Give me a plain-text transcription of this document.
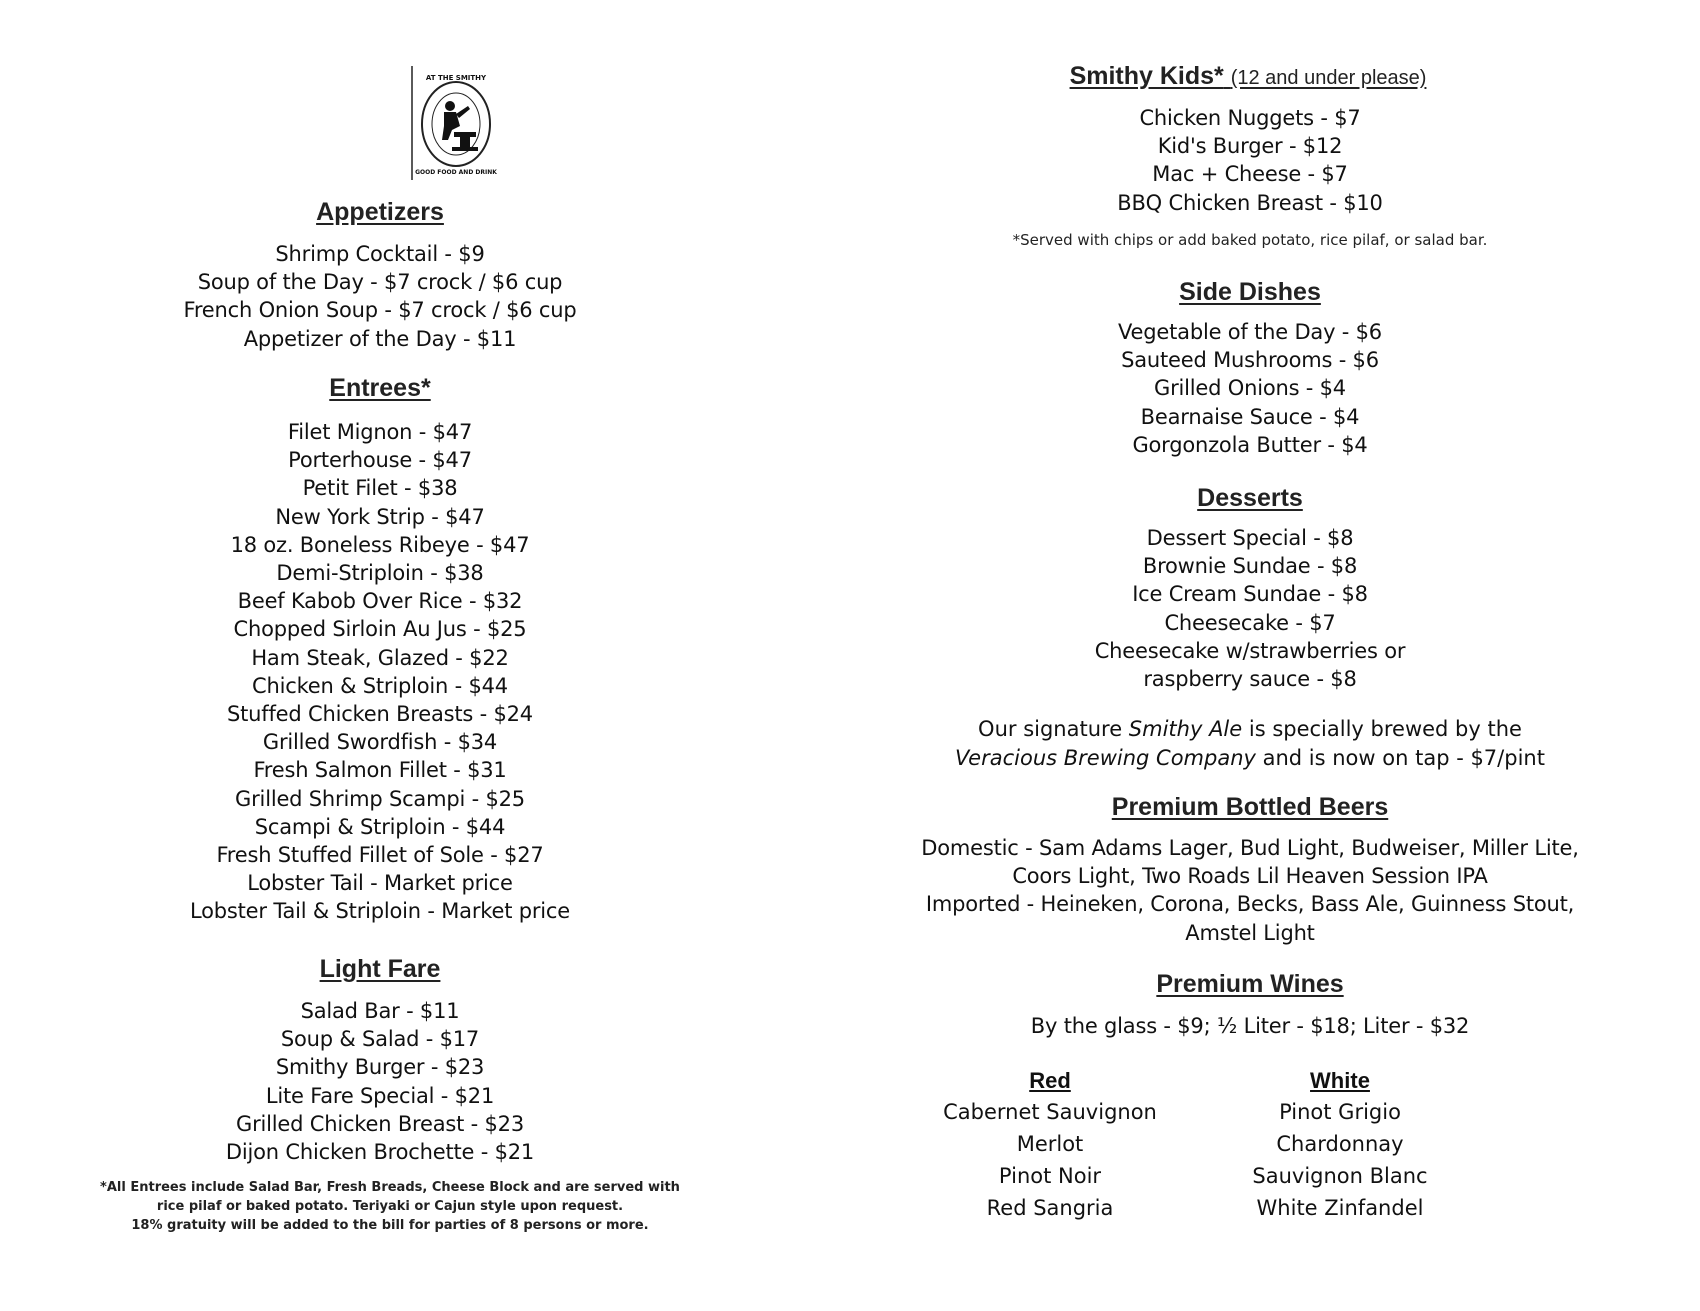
AT THE SMITHY
GOOD FOOD AND DRINK
Appetizers
Shrimp Cocktail - $9
Soup of the Day - $7 crock / $6 cup
French Onion Soup - $7 crock / $6 cup
Appetizer of the Day - $11
Entrees*
Filet Mignon - $47
Porterhouse - $47
Petit Filet - $38
New York Strip - $47
18 oz. Boneless Ribeye - $47
Demi-Striploin - $38
Beef Kabob Over Rice - $32
Chopped Sirloin Au Jus - $25
Ham Steak, Glazed - $22
Chicken & Striploin - $44
Stuffed Chicken Breasts - $24
Grilled Swordfish - $34
Fresh Salmon Fillet - $31
Grilled Shrimp Scampi - $25
Scampi & Striploin - $44
Fresh Stuffed Fillet of Sole - $27
Lobster Tail - Market price
Lobster Tail & Striploin - Market price
Light Fare
Salad Bar - $11
Soup & Salad - $17
Smithy Burger - $23
Lite Fare Special - $21
Grilled Chicken Breast - $23
Dijon Chicken Brochette - $21
*All Entrees include Salad Bar, Fresh Breads, Cheese Block and are served with
rice pilaf or baked potato. Teriyaki or Cajun style upon request.
18% gratuity will be added to the bill for parties of 8 persons or more.
Smithy Kids* (12 and under please)
Chicken Nuggets - $7
Kid's Burger - $12
Mac + Cheese - $7
BBQ Chicken Breast - $10
*Served with chips or add baked potato, rice pilaf, or salad bar.
Side Dishes
Vegetable of the Day - $6
Sauteed Mushrooms - $6
Grilled Onions - $4
Bearnaise Sauce - $4
Gorgonzola Butter - $4
Desserts
Dessert Special - $8
Brownie Sundae - $8
Ice Cream Sundae - $8
Cheesecake - $7
Cheesecake w/strawberries or
raspberry sauce - $8
Our signature Smithy Ale is specially brewed by the
Veracious Brewing Company and is now on tap - $7/pint
Premium Bottled Beers
Domestic - Sam Adams Lager, Bud Light, Budweiser, Miller Lite,
Coors Light, Two Roads Lil Heaven Session IPA
Imported - Heineken, Corona, Becks, Bass Ale, Guinness Stout,
Amstel Light
Premium Wines
By the glass - $9; ½ Liter - $18; Liter - $32
Red
Cabernet Sauvignon
Merlot
Pinot Noir
Red Sangria
White
Pinot Grigio
Chardonnay
Sauvignon Blanc
White Zinfandel
